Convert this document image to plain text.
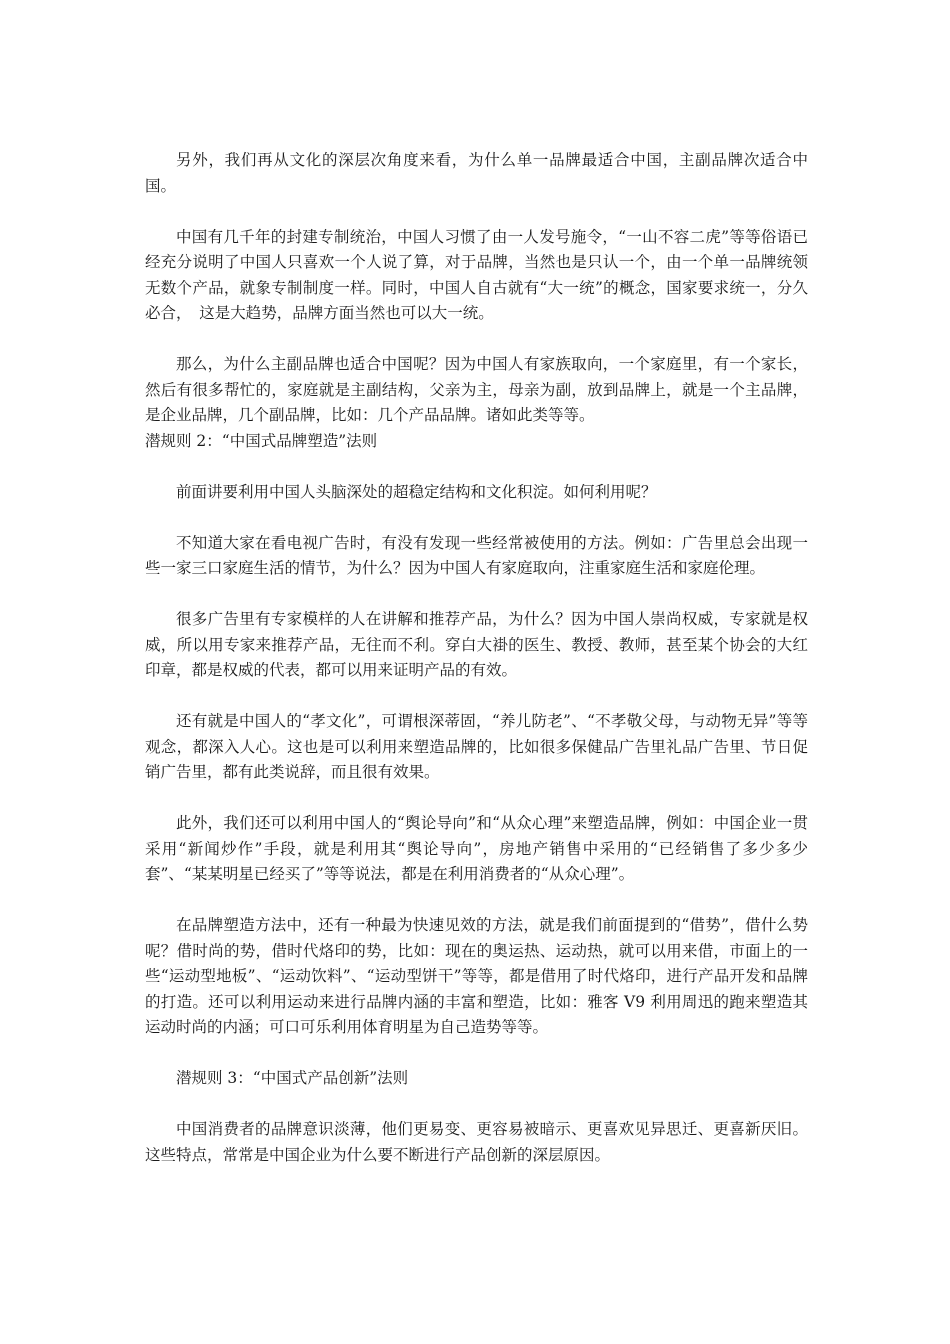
另外，我们再从文化的深层次角度来看，为什么单一品牌最适合中国，主副品牌次适合中国。

中国有几千年的封建专制统治，中国人习惯了由一人发号施令，“一山不容二虎”等等俗语已经充分说明了中国人只喜欢一个人说了算，对于品牌，当然也是只认一个，由一个单一品牌统领无数个产品，就象专制制度一样。同时，中国人自古就有“大一统”的概念，国家要求统一，分久必合，　这是大趋势，品牌方面当然也可以大一统。

那么，为什么主副品牌也适合中国呢？因为中国人有家族取向，一个家庭里，有一个家长，然后有很多帮忙的，家庭就是主副结构，父亲为主，母亲为副，放到品牌上，就是一个主品牌，是企业品牌，几个副品牌，比如：几个产品品牌。诸如此类等等。

潜规则 2：“中国式品牌塑造”法则

前面讲要利用中国人头脑深处的超稳定结构和文化积淀。如何利用呢？

不知道大家在看电视广告时，有没有发现一些经常被使用的方法。例如：广告里总会出现一些一家三口家庭生活的情节，为什么？因为中国人有家庭取向，注重家庭生活和家庭伦理。

很多广告里有专家模样的人在讲解和推荐产品，为什么？因为中国人崇尚权威，专家就是权威，所以用专家来推荐产品，无往而不利。穿白大褂的医生、教授、教师，甚至某个协会的大红印章，都是权威的代表，都可以用来证明产品的有效。

还有就是中国人的“孝文化”，可谓根深蒂固，“养儿防老”、“不孝敬父母，与动物无异”等等观念，都深入人心。这也是可以利用来塑造品牌的，比如很多保健品广告里礼品广告里、节日促销广告里，都有此类说辞，而且很有效果。

此外，我们还可以利用中国人的“舆论导向”和“从众心理”来塑造品牌，例如：中国企业一贯采用“新闻炒作”手段，就是利用其“舆论导向”，房地产销售中采用的“已经销售了多少多少套”、“某某明星已经买了”等等说法，都是在利用消费者的“从众心理”。

在品牌塑造方法中，还有一种最为快速见效的方法，就是我们前面提到的“借势”，借什么势呢？借时尚的势，借时代烙印的势，比如：现在的奥运热、运动热，就可以用来借，市面上的一些“运动型地板”、“运动饮料”、“运动型饼干”等等，都是借用了时代烙印，进行产品开发和品牌的打造。还可以利用运动来进行品牌内涵的丰富和塑造，比如：雅客 V9 利用周迅的跑来塑造其运动时尚的内涵；可口可乐利用体育明星为自己造势等等。

潜规则 3：“中国式产品创新”法则

中国消费者的品牌意识淡薄，他们更易变、更容易被暗示、更喜欢见异思迁、更喜新厌旧。这些特点，常常是中国企业为什么要不断进行产品创新的深层原因。
